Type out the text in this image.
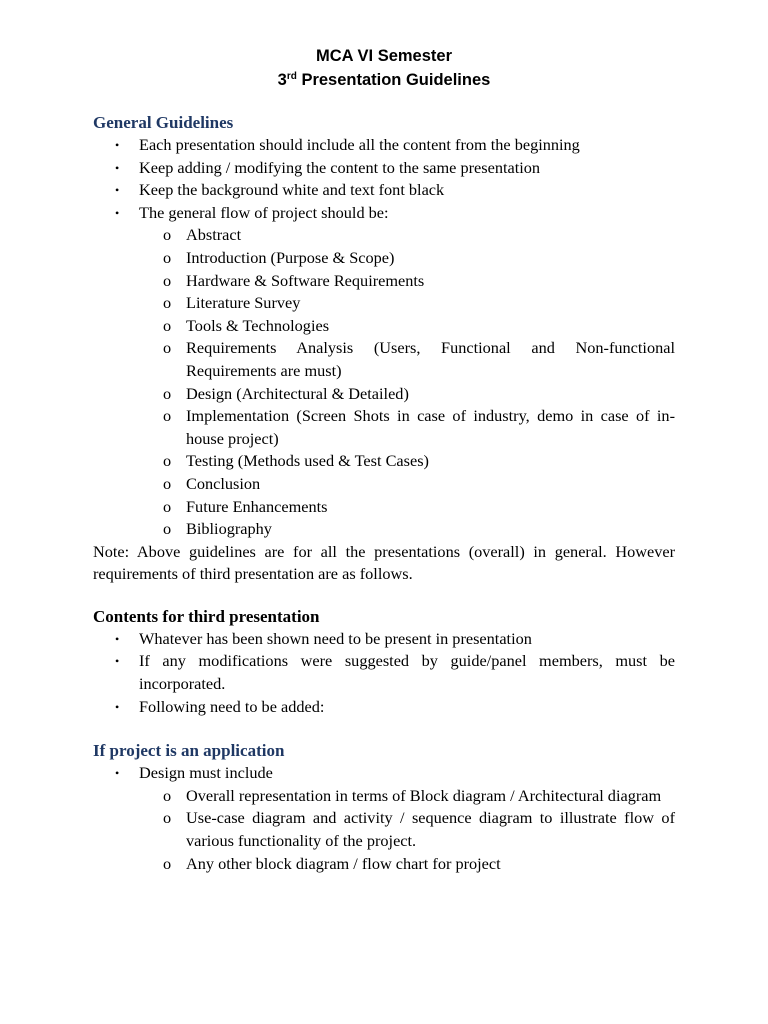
MCA VI Semester

3rd Presentation Guidelines

General Guidelines

•	Each presentation should include all the content from the beginning
•	Keep adding / modifying the content to the same presentation
•	Keep the background white and text font black
•	The general flow of project should be:
o Abstract
o Introduction (Purpose & Scope)
o Hardware & Software Requirements
o Literature Survey
o Tools & Technologies
o Requirements Analysis (Users, Functional and Non-functional Requirements are must)
o Design (Architectural & Detailed)
o Implementation (Screen Shots in case of industry, demo in case of in-house project)
o Testing (Methods used & Test Cases)
o Conclusion
o Future Enhancements
o Bibliography

Note: Above guidelines are for all the presentations (overall) in general. However requirements of third presentation are as follows.

Contents for third presentation

•	Whatever has been shown need to be present in presentation
•	If any modifications were suggested by guide/panel members, must be incorporated.
•	Following need to be added:

If project is an application

•	Design must include
o Overall representation in terms of Block diagram / Architectural diagram
o Use-case diagram and activity / sequence diagram to illustrate flow of various functionality of the project.
o Any other block diagram / flow chart for project
